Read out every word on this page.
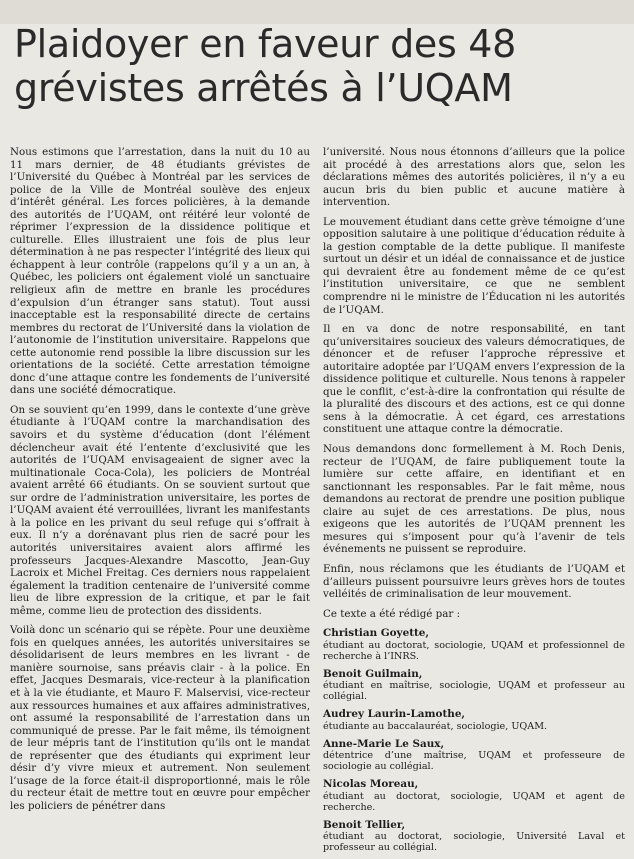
Plaidoyer en faveur des 48 grévistes arrêtés à l’UQAM

Nous estimons que l’arrestation, dans la nuit du 10 au 11 mars dernier, de 48 étudiants grévistes de l’Université du Québec à Montréal par les services de police de la Ville de Montréal soulève des enjeux d’intérêt général. Les forces policières, à la demande des autorités de l’UQAM, ont réitéré leur volonté de réprimer l’expression de la dissidence politique et culturelle. Elles illustraient une fois de plus leur détermination à ne pas respecter l’intégrité des lieux qui échappent à leur contrôle (rappelons qu’il y a un an, à Québec, les policiers ont également violé un sanctuaire religieux afin de mettre en branle les procédures d’expulsion d’un étranger sans statut). Tout aussi inacceptable est la responsabilité directe de certains membres du rectorat de l’Université dans la violation de l’autonomie de l’institution universitaire. Rappelons que cette autonomie rend possible la libre discussion sur les orientations de la société. Cette arrestation témoigne donc d’une attaque contre les fondements de l’université dans une société démocratique.

On se souvient qu’en 1999, dans le contexte d’une grève étudiante à l’UQAM contre la marchandisation des savoirs et du système d’éducation (dont l’élément déclencheur avait été l’entente d’exclusivité que les autorités de l’UQAM envisageaient de signer avec la multinationale Coca-Cola), les policiers de Montréal avaient arrêté 66 étudiants. On se souvient surtout que sur ordre de l’administration universitaire, les portes de l’UQAM avaient été verrouillées, livrant les manifestants à la police en les privant du seul refuge qui s’offrait à eux. Il n’y a dorénavant plus rien de sacré pour les autorités universitaires avaient alors affirmé les professeurs Jacques-Alexandre Mascotto, Jean-Guy Lacroix et Michel Freitag. Ces derniers nous rappelaient également la tradition centenaire de l’université comme lieu de libre expression de la critique, et par le fait même, comme lieu de protection des dissidents.

Voilà donc un scénario qui se répète. Pour une deuxième fois en quelques années, les autorités universitaires se désolidarisent de leurs membres en les livrant - de manière sournoise, sans préavis clair - à la police. En effet, Jacques Desmarais, vice-recteur à la planification et à la vie étudiante, et Mauro F. Malservisi, vice-recteur aux ressources humaines et aux affaires administratives, ont assumé la responsabilité de l’arrestation dans un communiqué de presse. Par le fait même, ils témoignent de leur mépris tant de l’institution qu’ils ont le mandat de représenter que des étudiants qui expriment leur désir d’y vivre mieux et autrement. Non seulement l’usage de la force était-il disproportionné, mais le rôle du recteur était de mettre tout en œuvre pour empêcher les policiers de pénétrer dans

l’université. Nous nous étonnons d’ailleurs que la police ait procédé à des arrestations alors que, selon les déclarations mêmes des autorités policières, il n’y a eu aucun bris du bien public et aucune matière à intervention.

Le mouvement étudiant dans cette grève témoigne d’une opposition salutaire à une politique d’éducation réduite à la gestion comptable de la dette publique. Il manifeste surtout un désir et un idéal de connaissance et de justice qui devraient être au fondement même de ce qu’est l’institution universitaire, ce que ne semblent comprendre ni le ministre de l’Éducation ni les autorités de l’UQAM.

Il en va donc de notre responsabilité, en tant qu’universitaires soucieux des valeurs démocratiques, de dénoncer et de refuser l’approche répressive et autoritaire adoptée par l’UQAM envers l’expression de la dissidence politique et culturelle. Nous tenons à rappeler que le conflit, c’est-à-dire la confrontation qui résulte de la pluralité des discours et des actions, est ce qui donne sens à la démocratie. À cet égard, ces arrestations constituent une attaque contre la démocratie.

Nous demandons donc formellement à M. Roch Denis, recteur de l’UQAM, de faire publiquement toute la lumière sur cette affaire, en identifiant et en sanctionnant les responsables. Par le fait même, nous demandons au rectorat de prendre une position publique claire au sujet de ces arrestations. De plus, nous exigeons que les autorités de l’UQAM prennent les mesures qui s’imposent pour qu’à l’avenir de tels événements ne puissent se reproduire.

Enfin, nous réclamons que les étudiants de l’UQAM et d’ailleurs puissent poursuivre leurs grèves hors de toutes velléités de criminalisation de leur mouvement.

Ce texte a été rédigé par :

Christian Goyette,
étudiant au doctorat, sociologie, UQAM et professionnel de recherche à l’INRS.
Benoit Guilmain,
étudiant en maîtrise, sociologie, UQAM et professeur au collégial.
Audrey Laurin-Lamothe,
étudiante au baccalauréat, sociologie, UQAM.
Anne-Marie Le Saux,
détentrice d’une maîtrise, UQAM et professeure de sociologie au collégial.
Nicolas Moreau,
étudiant au doctorat, sociologie, UQAM et agent de recherche.
Benoit Tellier,
étudiant au doctorat, sociologie, Université Laval et professeur au collégial.
